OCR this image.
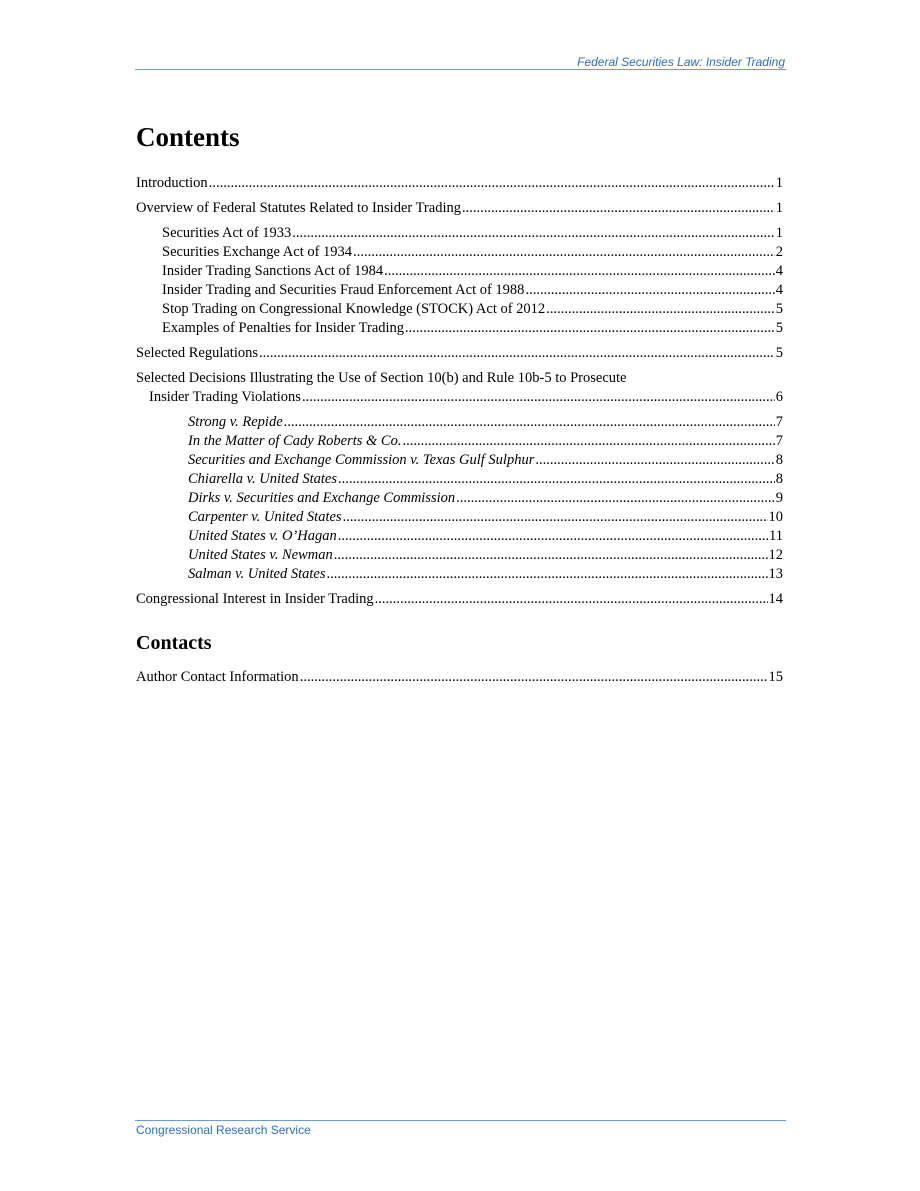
Federal Securities Law: Insider Trading
Contents
Introduction .....	1
Overview of Federal Statutes Related to Insider Trading .....	1
Securities Act of 1933 .....	1
Securities Exchange Act of 1934 .....	2
Insider Trading Sanctions Act of 1984 .....	4
Insider Trading and Securities Fraud Enforcement Act of 1988 .....	4
Stop Trading on Congressional Knowledge (STOCK) Act of 2012 .....	5
Examples of Penalties for Insider Trading .....	5
Selected Regulations .....	5
Selected Decisions Illustrating the Use of Section 10(b) and Rule 10b-5 to Prosecute
Insider Trading Violations .....	6
Strong v. Repide .....	7
In the Matter of Cady Roberts & Co. .....	7
Securities and Exchange Commission v. Texas Gulf Sulphur .....	8
Chiarella v. United States .....	8
Dirks v. Securities and Exchange Commission .....	9
Carpenter v. United States .....	10
United States v. O’Hagan .....	11
United States v. Newman .....	12
Salman v. United States .....	13
Congressional Interest in Insider Trading .....	14
Contacts
Author Contact Information .....	15
Congressional Research Service
